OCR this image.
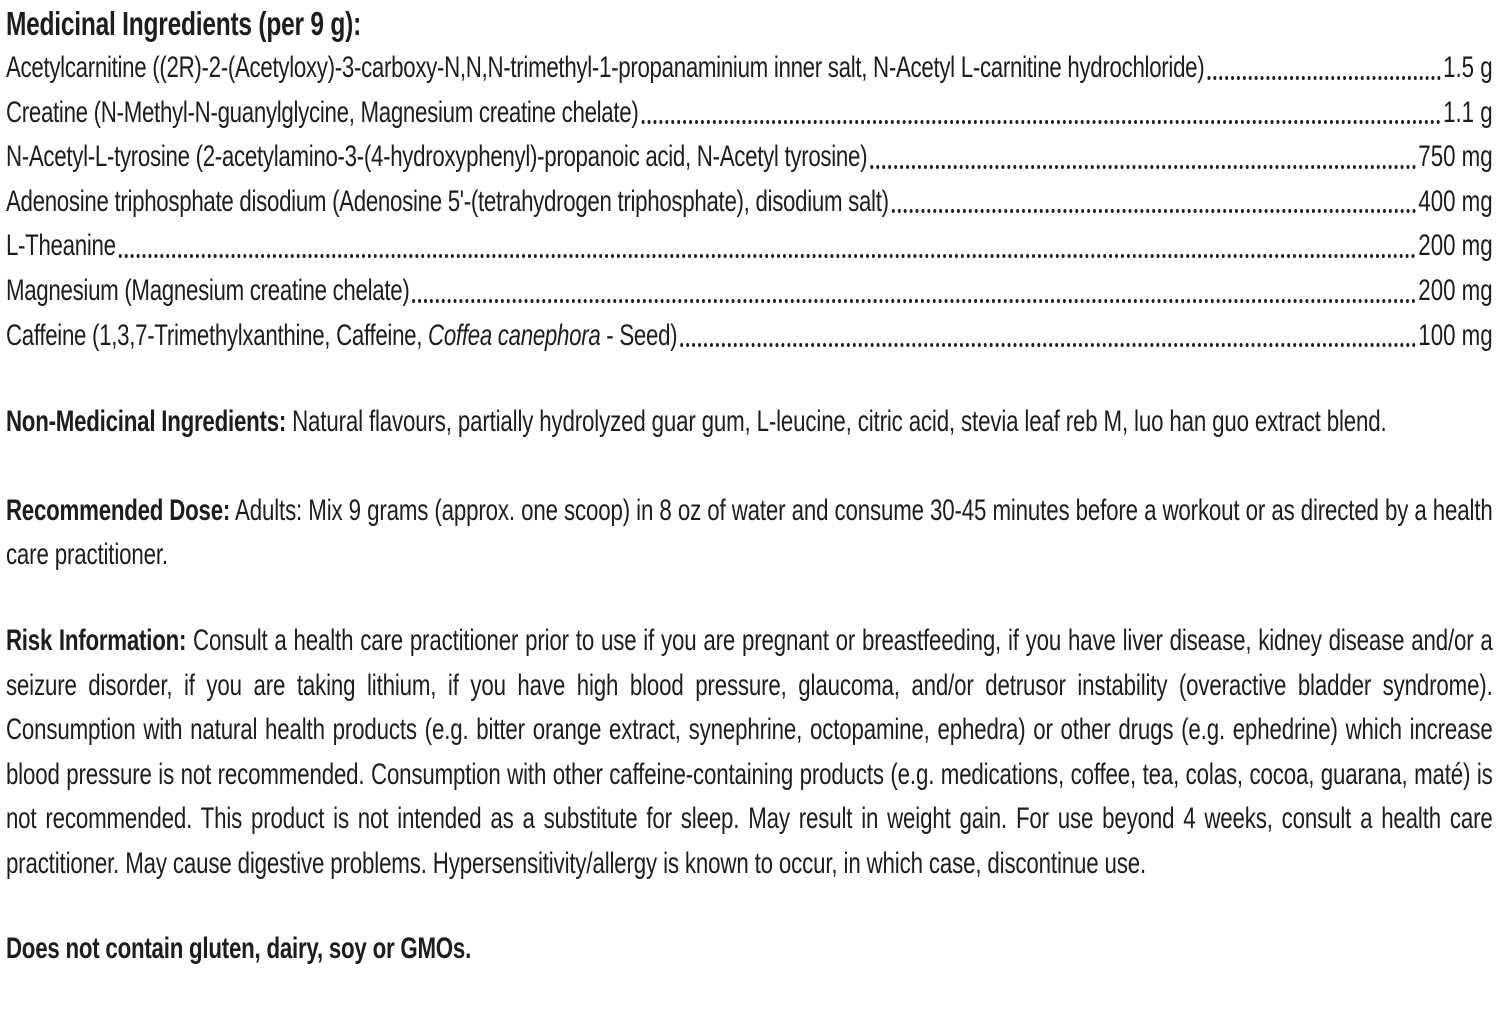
Medicinal Ingredients (per 9 g):
Acetylcarnitine ((2R)-2-(Acetyloxy)-3-carboxy-N,N,N-trimethyl-1-propanaminium inner salt, N-Acetyl L-carnitine hydrochloride)	1.5 g
Creatine (N-Methyl-N-guanylglycine, Magnesium creatine chelate)	1.1 g
N-Acetyl-L-tyrosine (2-acetylamino-3-(4-hydroxyphenyl)-propanoic acid, N-Acetyl tyrosine)	750 mg
Adenosine triphosphate disodium (Adenosine 5'-(tetrahydrogen triphosphate), disodium salt)	400 mg
L-Theanine	200 mg
Magnesium (Magnesium creatine chelate)	200 mg
Caffeine (1,3,7-Trimethylxanthine, Caffeine, Coffea canephora - Seed)	100 mg
Non-Medicinal Ingredients: Natural flavours, partially hydrolyzed guar gum, L-leucine, citric acid, stevia leaf reb M, luo han guo extract blend.
Recommended Dose: Adults: Mix 9 grams (approx. one scoop) in 8 oz of water and consume 30-45 minutes before a workout or as directed by a health care practitioner.
Risk Information: Consult a health care practitioner prior to use if you are pregnant or breastfeeding, if you have liver disease, kidney disease and/or a seizure disorder, if you are taking lithium, if you have high blood pressure, glaucoma, and/or detrusor instability (overactive bladder syndrome). Consumption with natural health products (e.g. bitter orange extract, synephrine, octopamine, ephedra) or other drugs (e.g. ephedrine) which increase blood pressure is not recommended. Consumption with other caffeine-containing products (e.g. medications, coffee, tea, colas, cocoa, guarana, maté) is not recommended. This product is not intended as a substitute for sleep. May result in weight gain. For use beyond 4 weeks, consult a health care practitioner. May cause digestive problems. Hypersensitivity/allergy is known to occur, in which case, discontinue use.
Does not contain gluten, dairy, soy or GMOs.
